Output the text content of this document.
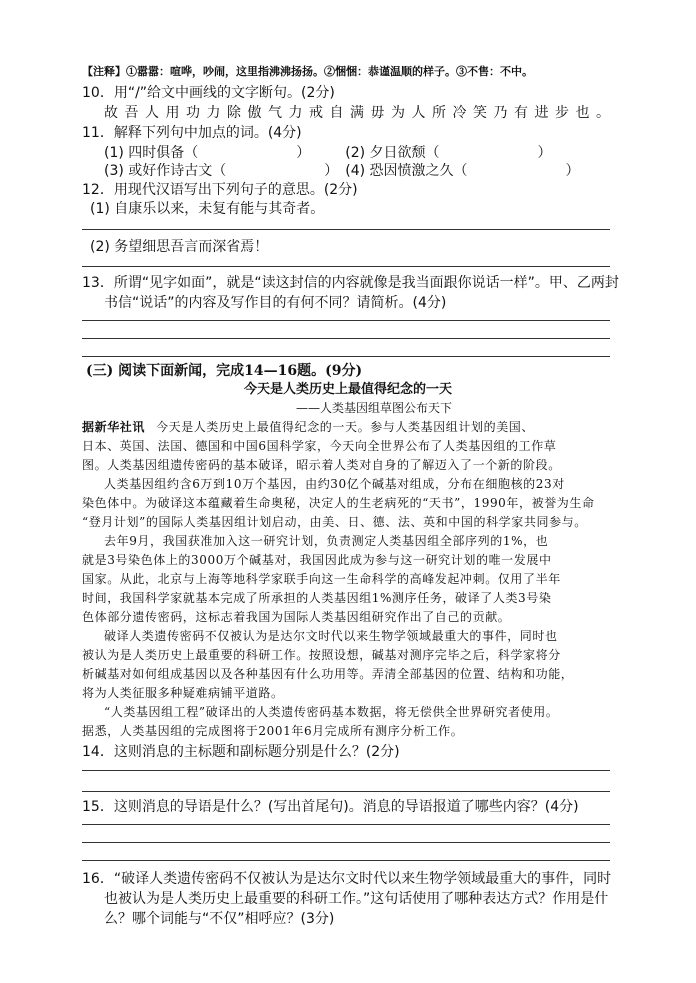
【注释】①嚣嚣：喧哗，吵闹，这里指沸沸扬扬。②悃悃：恭谨温顺的样子。③不售：不中。
10．用“/”给文中画线的文字断句。(2分)
故吾人用功力除傲气力戒自满毋为人所冷笑乃有进步也。
11．解释下列句中加点的词。(4分)
(1) 四时俱备（　　　　　　　）　　　(2) 夕日欲颓（　　　　　　　）
(3) 或好作诗古文（　　　　　　　）　(4) 恐因愤激之久（　　　　　　　）
12．用现代汉语写出下列句子的意思。(2分)
(1) 自康乐以来，未复有能与其奇者。
(2) 务望细思吾言而深省焉！
13．所谓“见字如面”，就是“读这封信的内容就像是我当面跟你说话一样”。甲、乙两封
书信“说话”的内容及写作目的有何不同？请简析。(4分)
(三) 阅读下面新闻，完成14—16题。(9分)
今天是人类历史上最值得纪念的一天
——人类基因组草图公布天下
据新华社讯 今天是人类历史上最值得纪念的一天。参与人类基因组计划的美国、
日本、英国、法国、德国和中国6国科学家，今天向全世界公布了人类基因组的工作草
图。人类基因组遗传密码的基本破译，昭示着人类对自身的了解迈入了一个新的阶段。
人类基因组约含6万到10万个基因，由约30亿个碱基对组成，分布在细胞核的23对
染色体中。为破译这本蕴藏着生命奥秘，决定人的生老病死的“天书”，1990年，被誉为生命
“登月计划”的国际人类基因组计划启动，由美、日、德、法、英和中国的科学家共同参与。
去年9月，我国获准加入这一研究计划，负责测定人类基因组全部序列的1%，也
就是3号染色体上的3000万个碱基对，我国因此成为参与这一研究计划的唯一发展中
国家。从此，北京与上海等地科学家联手向这一生命科学的高峰发起冲刺。仅用了半年
时间，我国科学家就基本完成了所承担的人类基因组1%测序任务，破译了人类3号染
色体部分遗传密码，这标志着我国为国际人类基因组研究作出了自己的贡献。
破译人类遗传密码不仅被认为是达尔文时代以来生物学领域最重大的事件，同时也
被认为是人类历史上最重要的科研工作。按照设想，碱基对测序完毕之后，科学家将分
析碱基对如何组成基因以及各种基因有什么功用等。弄清全部基因的位置、结构和功能，
将为人类征服多种疑难病铺平道路。
“人类基因组工程”破译出的人类遗传密码基本数据，将无偿供全世界研究者使用。
据悉，人类基因组的完成图将于2001年6月完成所有测序分析工作。
14．这则消息的主标题和副标题分别是什么？(2分)
15．这则消息的导语是什么？(写出首尾句)。消息的导语报道了哪些内容？(4分)
16．“破译人类遗传密码不仅被认为是达尔文时代以来生物学领域最重大的事件，同时
也被认为是人类历史上最重要的科研工作。”这句话使用了哪种表达方式？作用是什
么？哪个词能与“不仅”相呼应？(3分)
